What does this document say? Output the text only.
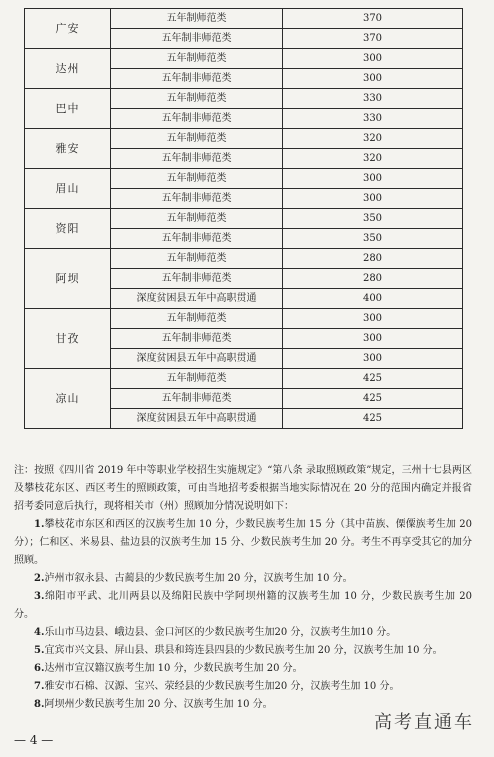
广安	五年制师范类	370
	五年制非师范类	370
达州	五年制师范类	300
	五年制非师范类	300
巴中	五年制师范类	330
	五年制非师范类	330
雅安	五年制师范类	320
	五年制非师范类	320
眉山	五年制师范类	300
	五年制非师范类	300
资阳	五年制师范类	350
	五年制非师范类	350
阿坝	五年制师范类	280
	五年制非师范类	280
	深度贫困县五年中高职贯通	400
甘孜	五年制师范类	300
	五年制非师范类	300
	深度贫困县五年中高职贯通	300
凉山	五年制师范类	425
	五年制非师范类	425
	深度贫困县五年中高职贯通	425

注：按照《四川省 2019 年中等职业学校招生实施规定》“第八条 录取照顾政策”规定，三州十七县两区及攀枝花东区、西区考生的照顾政策，可由当地招考委根据当地实际情况在 20 分的范围内确定并报省招考委同意后执行，现将相关市（州）照顾加分情况说明如下：

1.攀枝花市东区和西区的汉族考生加 10 分，少数民族考生加 15 分（其中苗族、傈僳族考生加 20 分）；仁和区、米易县、盐边县的汉族考生加 15 分、少数民族考生加 20 分。考生不再享受其它的加分照顾。

2.泸州市叙永县、古蔺县的少数民族考生加 20 分，汉族考生加 10 分。

3.绵阳市平武、北川两县以及绵阳民族中学阿坝州籍的汉族考生加 10 分，少数民族考生加 20 分。

4.乐山市马边县、峨边县、金口河区的少数民族考生加20 分，汉族考生加10 分。

5.宜宾市兴文县、屏山县、珙县和筠连县四县的少数民族考生加 20 分，汉族考生加 10 分。

6.达州市宣汉籍汉族考生加 10 分，少数民族考生加 20 分。

7.雅安市石棉、汉源、宝兴、荥经县的少数民族考生加20 分，汉族考生加 10 分。

8.阿坝州少数民族考生加 20 分、汉族考生加 10 分。

高考直通车
— 4 —
